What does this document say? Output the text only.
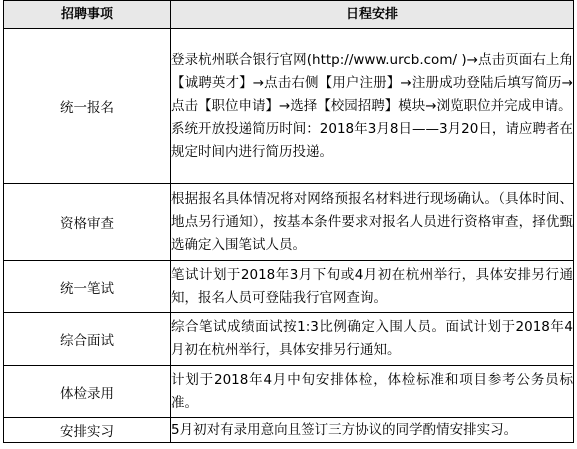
招聘事项	日程安排
统一报名	登录杭州联合银行官网(http://www.urcb.com/ )→点击页面右上角【诚聘英才】→点击右侧【用户注册】→注册成功登陆后填写简历→点击【职位申请】→选择【校园招聘】模块→浏览职位并完成申请。
系统开放投递简历时间：2018年3月8日——3月20日，请应聘者在规定时间内进行简历投递。

资格审查	根据报名具体情况将对网络预报名材料进行现场确认。（具体时间、地点另行通知），按基本条件要求对报名人员进行资格审查，择优甄选确定入围笔试人员。

统一笔试	笔试计划于2018年3月下旬或4月初在杭州举行，具体安排另行通知，报名人员可登陆我行官网查询。

综合面试	综合笔试成绩面试按1:3比例确定入围人员。面试计划于2018年4月初在杭州举行，具体安排另行通知。

体检录用	计划于2018年4月中旬安排体检，体检标准和项目参考公务员标准。

安排实习	5月初对有录用意向且签订三方协议的同学酌情安排实习。
